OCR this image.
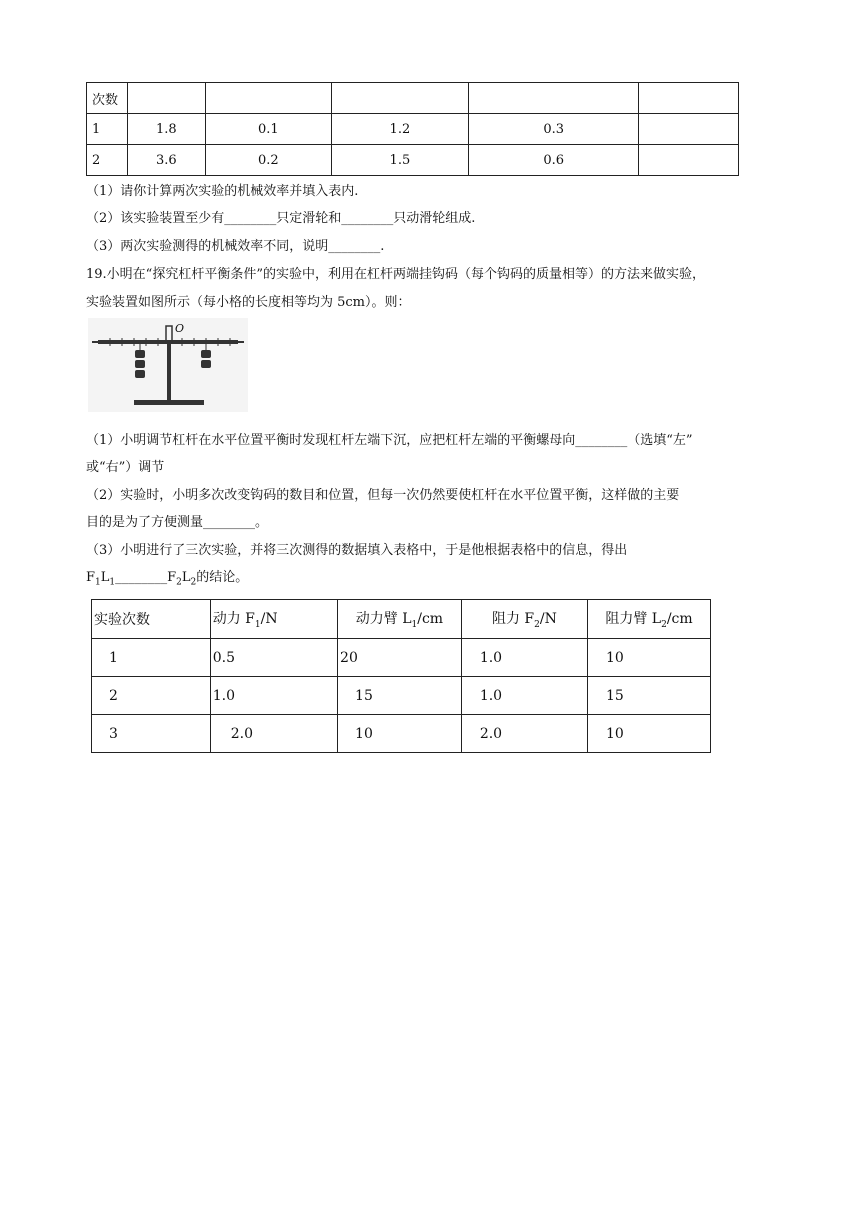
次数					
1	1.8	0.1	1.2	0.3	
2	3.6	0.2	1.5	0.6	
（1）请你计算两次实验的机械效率并填入表内.
（2）该实验装置至少有________只定滑轮和________只动滑轮组成.
（3）两次实验测得的机械效率不同，说明________.
19.小明在“探究杠杆平衡条件”的实验中，利用在杠杆两端挂钩码（每个钩码的质量相等）的方法来做实验，
实验装置如图所示（每小格的长度相等均为 5cm）。则：
O
（1）小明调节杠杆在水平位置平衡时发现杠杆左端下沉，应把杠杆左端的平衡螺母向________（选填“左”
或“右”）调节
（2）实验时，小明多次改变钩码的数目和位置，但每一次仍然要使杠杆在水平位置平衡，这样做的主要
目的是为了方便测量________。
（3）小明进行了三次实验，并将三次测得的数据填入表格中，于是他根据表格中的信息，得出
$F_1L_1\_\_\_\_\_\_\_\_F_2L_2$的结论。
实验次数	动力 $F_1/N$	动力臂 $L_1/cm$	阻力 $F_2/N$	阻力臂 $L_2/cm$
1	0.5	20	1.0	10
2	1.0	15	1.0	15
3	2.0	10	2.0	10
